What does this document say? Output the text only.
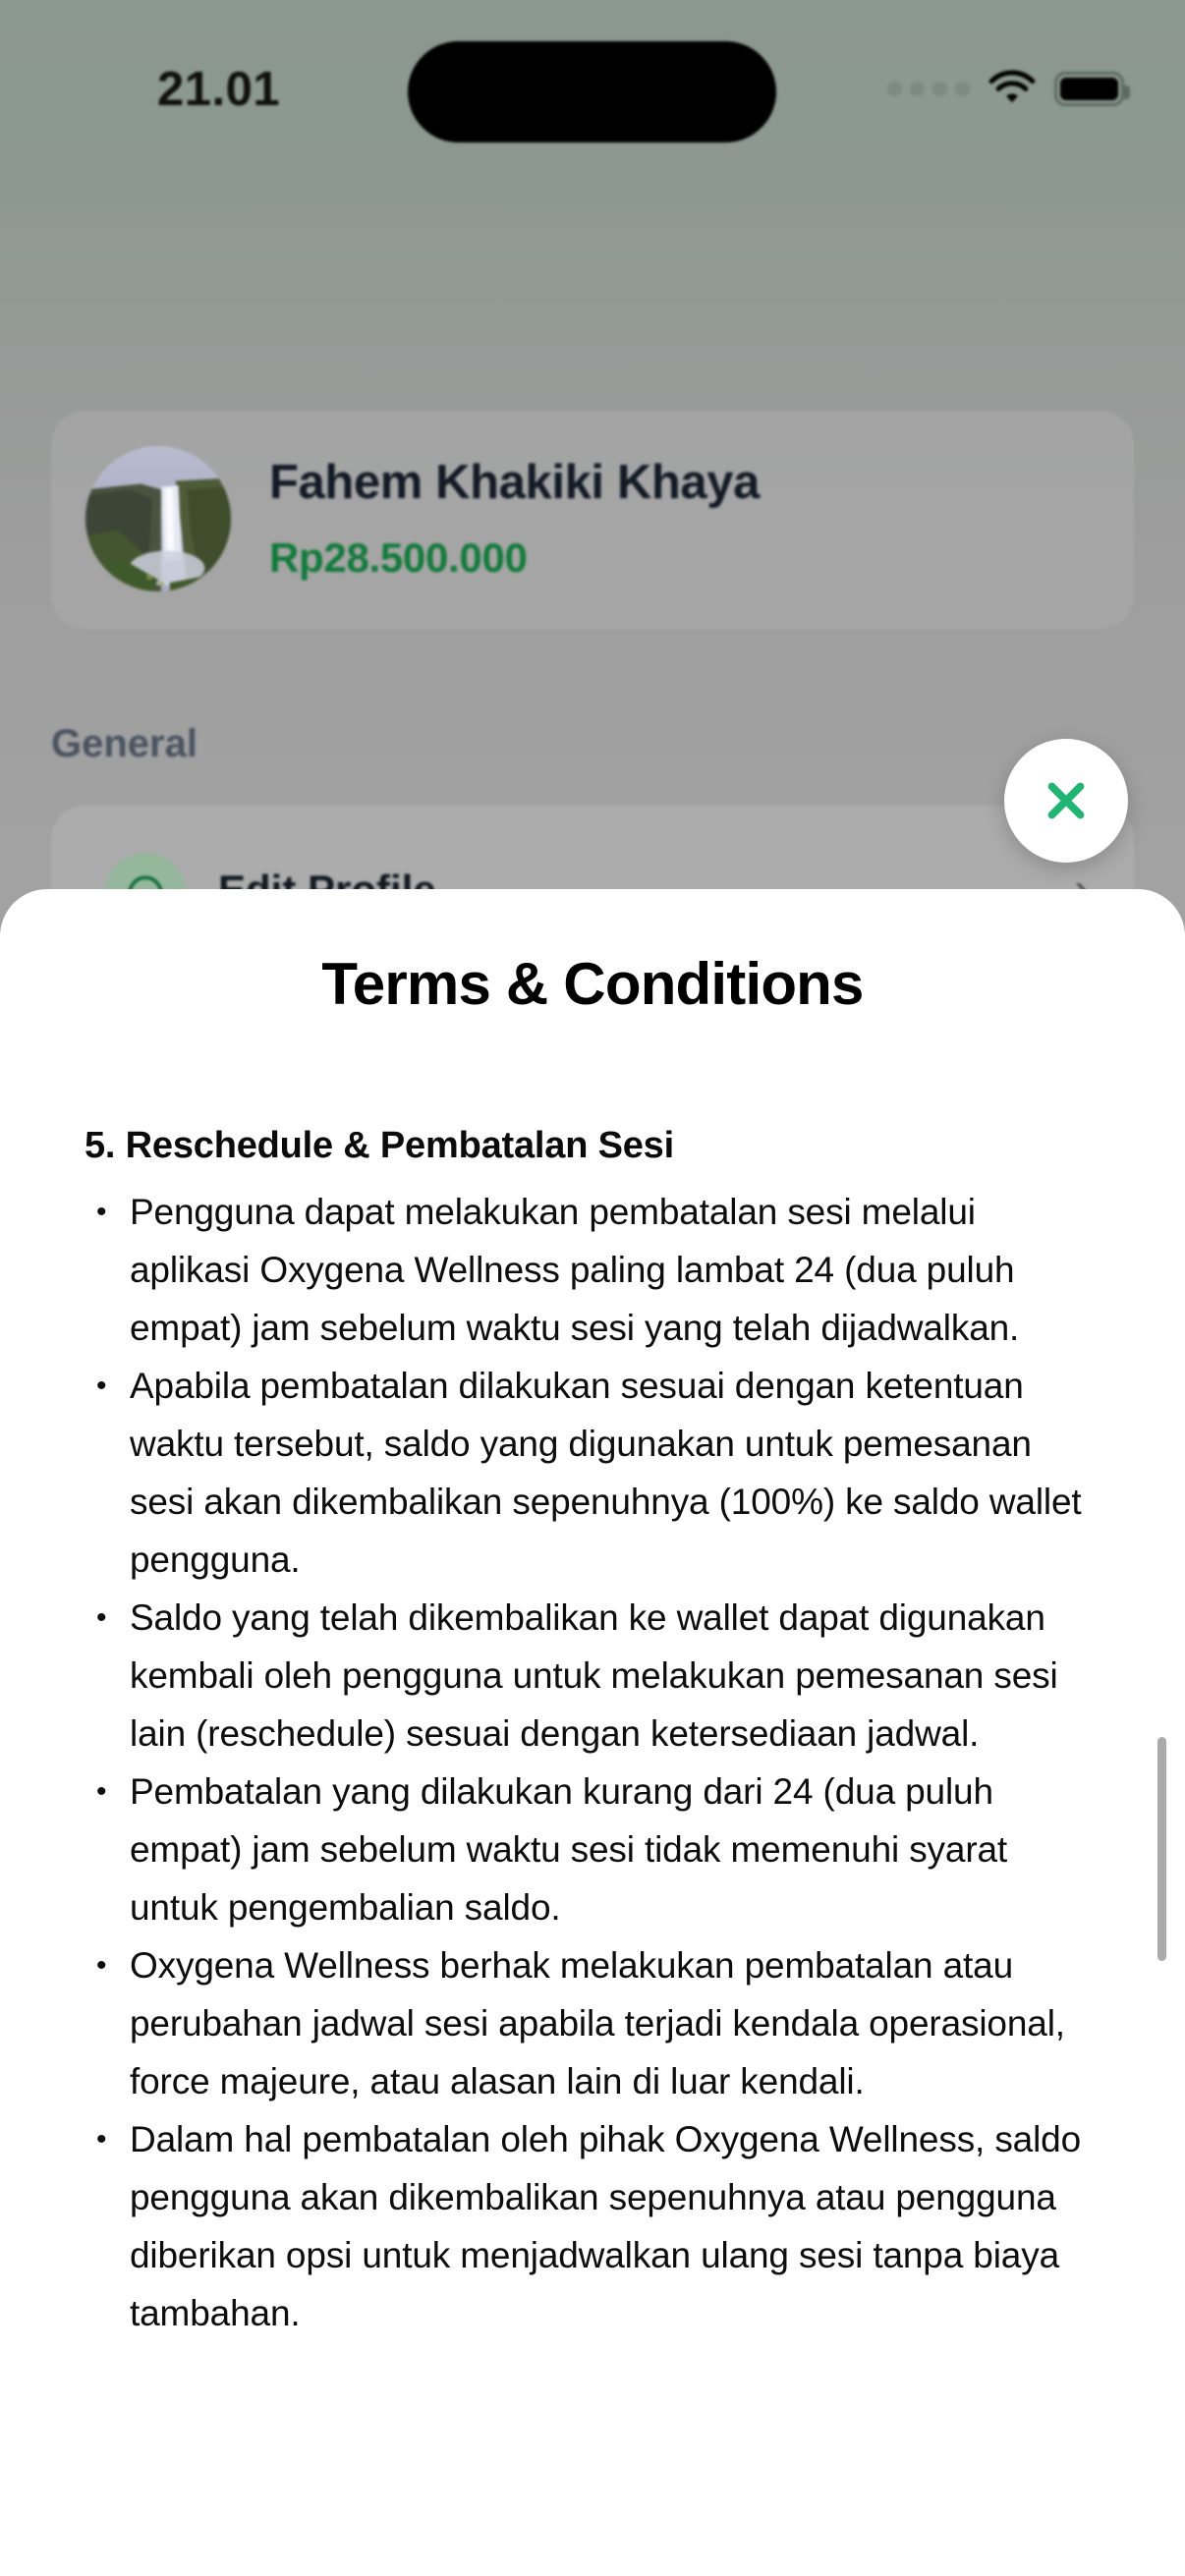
21.01
Fahem Khakiki Khaya
Rp28.500.000
General
Terms & Conditions
5. Reschedule & Pembatalan Sesi
• Pengguna dapat melakukan pembatalan sesi melalui aplikasi Oxygena Wellness paling lambat 24 (dua puluh empat) jam sebelum waktu sesi yang telah dijadwalkan.
• Apabila pembatalan dilakukan sesuai dengan ketentuan waktu tersebut, saldo yang digunakan untuk pemesanan sesi akan dikembalikan sepenuhnya (100%) ke saldo wallet pengguna.
• Saldo yang telah dikembalikan ke wallet dapat digunakan kembali oleh pengguna untuk melakukan pemesanan sesi lain (reschedule) sesuai dengan ketersediaan jadwal.
• Pembatalan yang dilakukan kurang dari 24 (dua puluh empat) jam sebelum waktu sesi tidak memenuhi syarat untuk pengembalian saldo.
• Oxygena Wellness berhak melakukan pembatalan atau perubahan jadwal sesi apabila terjadi kendala operasional, force majeure, atau alasan lain di luar kendali.
• Dalam hal pembatalan oleh pihak Oxygena Wellness, saldo pengguna akan dikembalikan sepenuhnya atau pengguna diberikan opsi untuk menjadwalkan ulang sesi tanpa biaya tambahan.
